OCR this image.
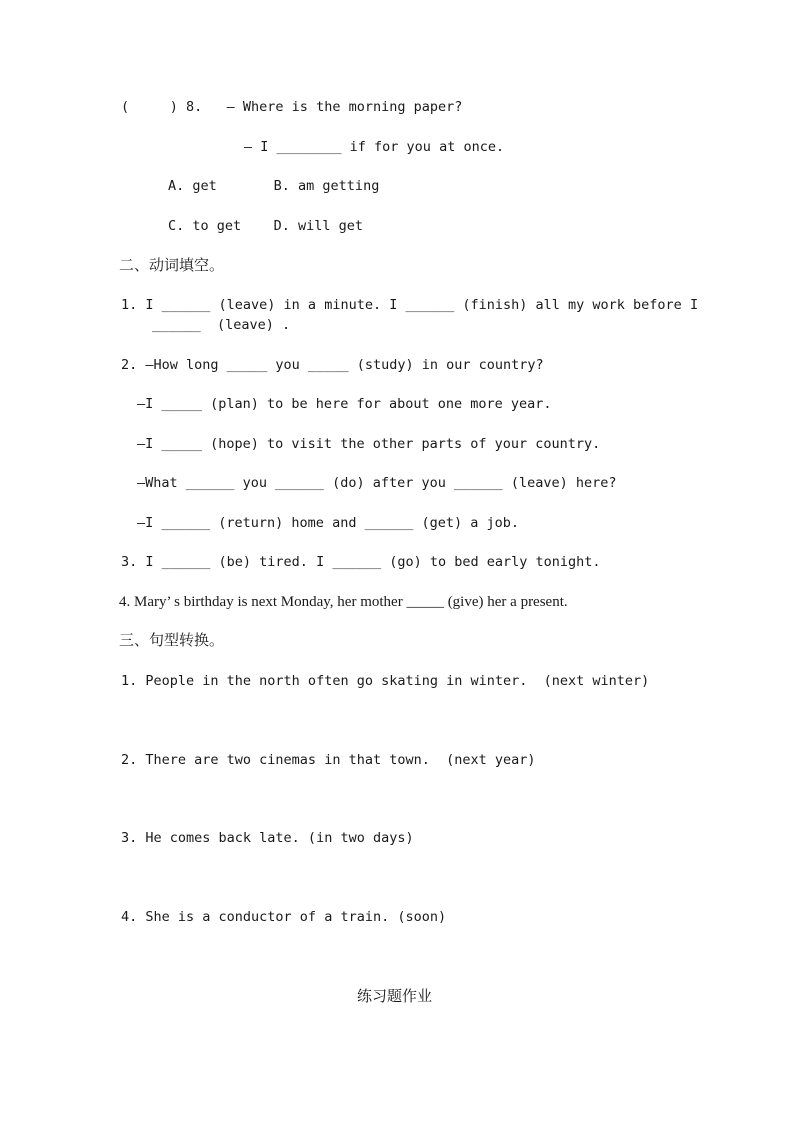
(     ) 8.   – Where is the morning paper?
– I ________ if for you at once.
A. get       B. am getting
C. to get    D. will get
二、动词填空。
1. I ______ (leave) in a minute. I ______ (finish) all my work before I
______  (leave) .
2. —How long _____ you _____ (study) in our country?
—I _____ (plan) to be here for about one more year.
—I _____ (hope) to visit the other parts of your country.
—What ______ you ______ (do) after you ______ (leave) here?
—I ______ (return) home and ______ (get) a job.
3. I ______ (be) tired. I ______ (go) to bed early tonight.
4. Mary’ s birthday is next Monday, her mother _____ (give) her a present.
三、句型转换。
1. People in the north often go skating in winter.  (next winter)
2. There are two cinemas in that town.  (next year)
3. He comes back late. (in two days)
4. She is a conductor of a train. (soon)
练习题作业
